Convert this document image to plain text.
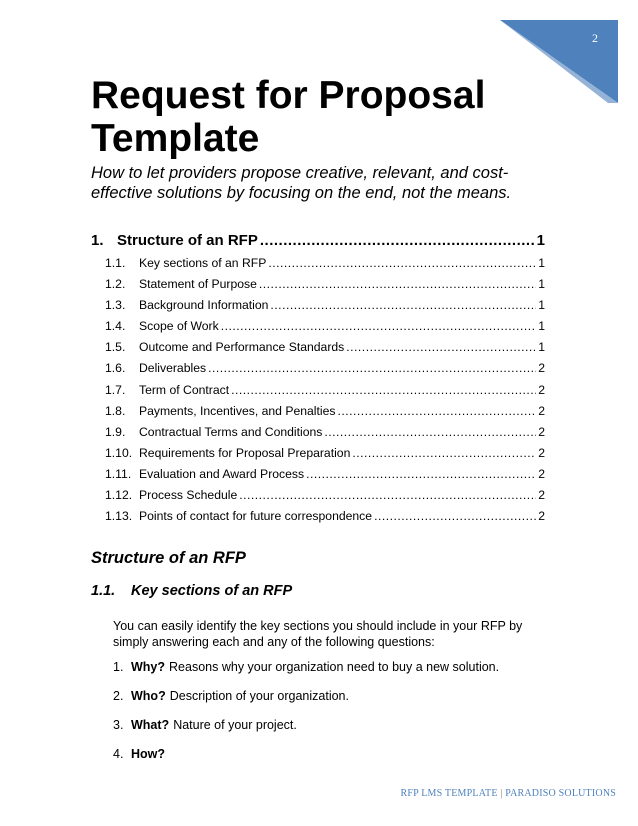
2
Request for Proposal Template

How to let providers propose creative, relevant, and cost-effective solutions by focusing on the end, not the means.

1. Structure of an RFP .....	1
1.1.	Key sections of an RFP .....	1
1.2.	Statement of Purpose .....	1
1.3.	Background Information .....	1
1.4.	Scope of Work .....	1
1.5.	Outcome and Performance Standards .....	1
1.6.	Deliverables .....	2
1.7.	Term of Contract .....	2
1.8.	Payments, Incentives, and Penalties .....	2
1.9.	Contractual Terms and Conditions .....	2
1.10. Requirements for Proposal Preparation .....	2
1.11. Evaluation and Award Process .....	2
1.12. Process Schedule .....	2
1.13. Points of contact for future correspondence .....	2
Structure of an RFP
1.1.	Key sections of an RFP

You can easily identify the key sections you should include in your RFP by simply answering each and any of the following questions:

1. Why? Reasons why your organization need to buy a new solution.
2. Who? Description of your organization.
3. What? Nature of your project.
4. How?
RFP LMS TEMPLATE | PARADISO SOLUTIONS
